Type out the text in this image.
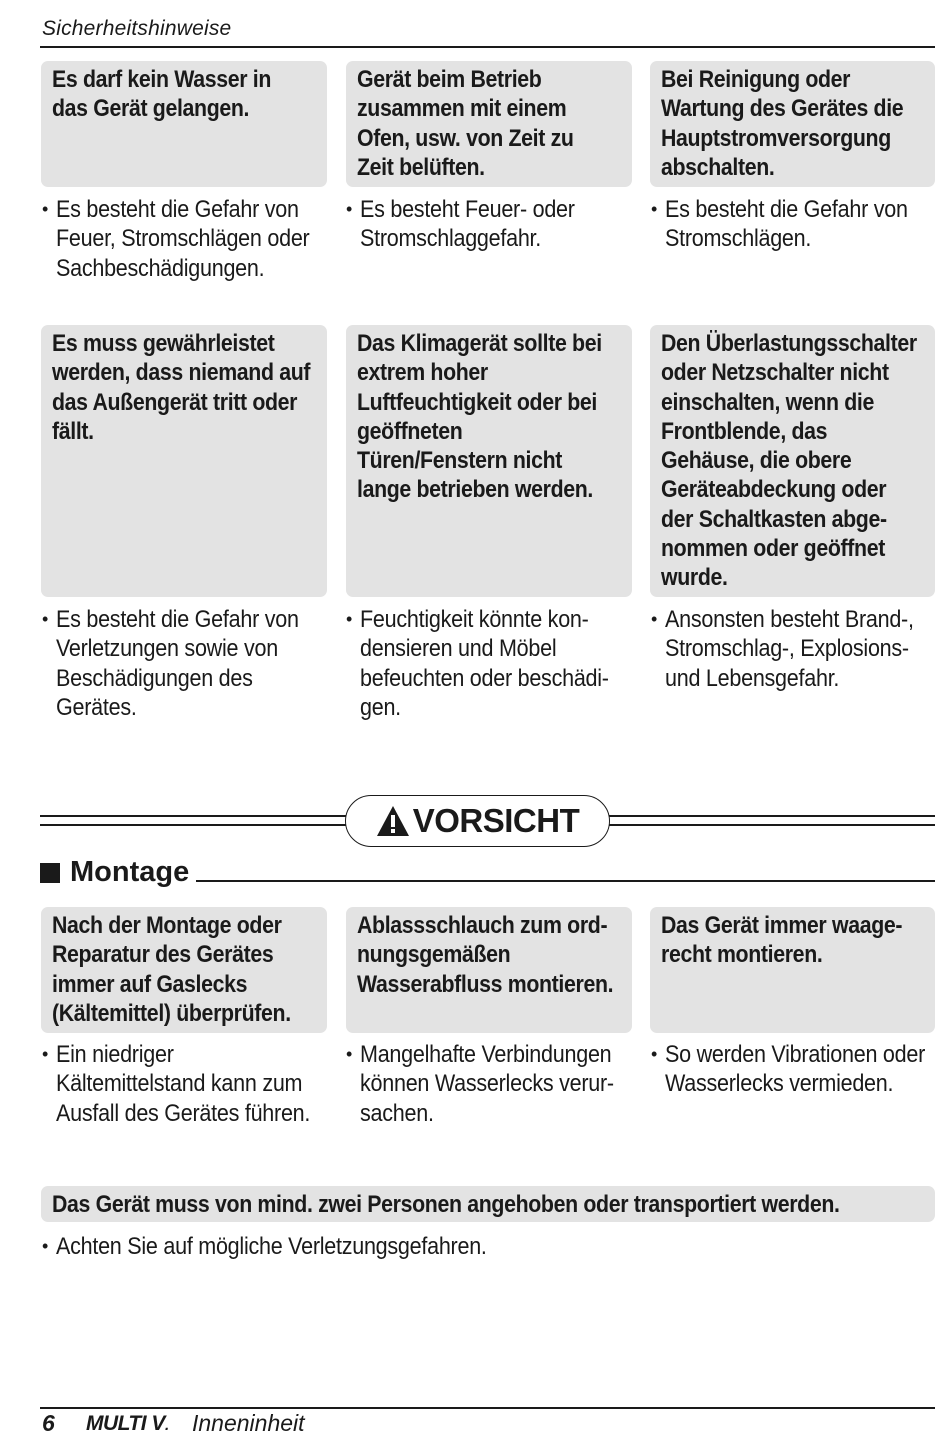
Sicherheitshinweise
Es darf kein Wasser in
das Gerät gelangen.
Gerät beim Betrieb
zusammen mit einem
Ofen, usw. von Zeit zu
Zeit belüften.
Bei Reinigung oder
Wartung des Gerätes die
Hauptstromversorgung
abschalten.
• Es besteht die Gefahr von
Feuer, Stromschlägen oder
Sachbeschädigungen.
• Es besteht Feuer- oder
Stromschlaggefahr.
• Es besteht die Gefahr von
Stromschlägen.
Es muss gewährleistet
werden, dass niemand auf
das Außengerät tritt oder
fällt.
Das Klimagerät sollte bei
extrem hoher
Luftfeuchtigkeit oder bei
geöffneten
Türen/Fenstern nicht
lange betrieben werden.
Den Überlastungsschalter
oder Netzschalter nicht
einschalten, wenn die
Frontblende, das
Gehäuse, die obere
Geräteabdeckung oder
der Schaltkasten abge-
nommen oder geöffnet
wurde.
• Es besteht die Gefahr von
Verletzungen sowie von
Beschädigungen des
Gerätes.
• Feuchtigkeit könnte kon-
densieren und Möbel
befeuchten oder beschädi-
gen.
• Ansonsten besteht Brand-,
Stromschlag-, Explosions-
und Lebensgefahr.
VORSICHT
Montage
Nach der Montage oder
Reparatur des Gerätes
immer auf Gaslecks
(Kältemittel) überprüfen.
Ablassschlauch zum ord-
nungsgemäßen
Wasserabfluss montieren.
Das Gerät immer waage-
recht montieren.
• Ein niedriger
Kältemittelstand kann zum
Ausfall des Gerätes führen.
• Mangelhafte Verbindungen
können Wasserlecks verur-
sachen.
• So werden Vibrationen oder
Wasserlecks vermieden.
Das Gerät muss von mind. zwei Personen angehoben oder transportiert werden.
• Achten Sie auf mögliche Verletzungsgefahren.
6 MULTI V. Inneninheit
